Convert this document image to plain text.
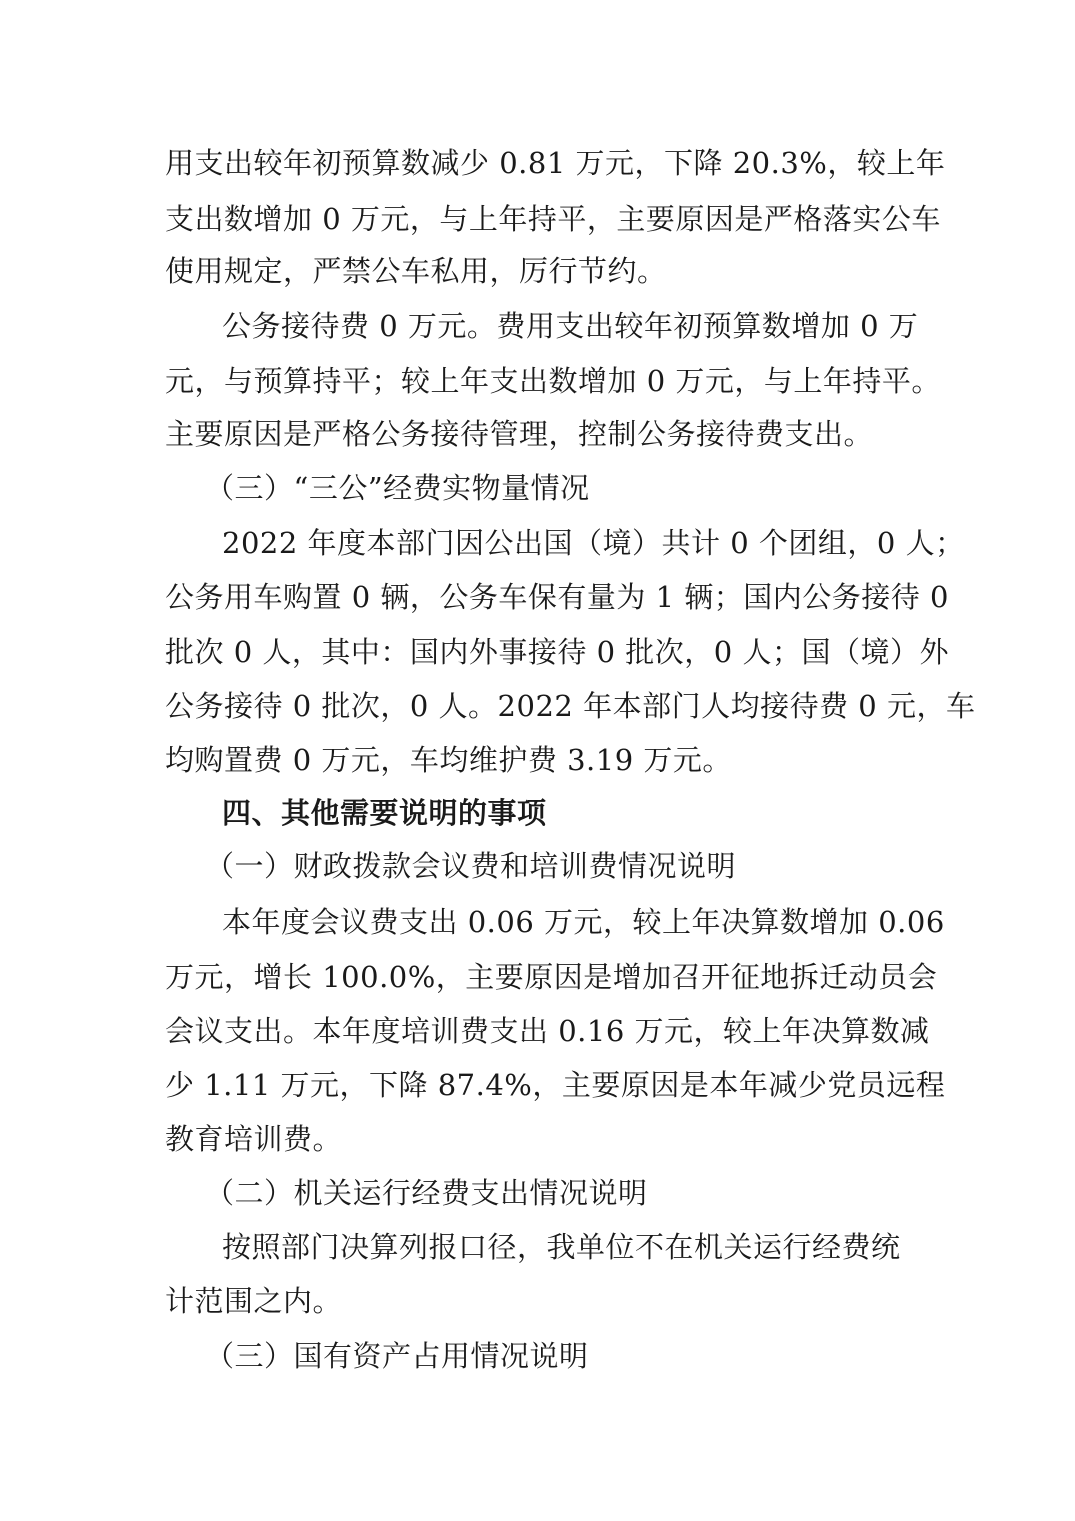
用支出较年初预算数减少 0.81 万元，下降 20.3%，较上年
支出数增加 0 万元，与上年持平，主要原因是严格落实公车
使用规定，严禁公车私用，厉行节约。
公务接待费 0 万元。费用支出较年初预算数增加 0 万
元，与预算持平；较上年支出数增加 0 万元，与上年持平。
主要原因是严格公务接待管理，控制公务接待费支出。
（三）“三公”经费实物量情况
2022 年度本部门因公出国（境）共计 0 个团组，0 人；
公务用车购置 0 辆，公务车保有量为 1 辆；国内公务接待 0
批次 0 人，其中：国内外事接待 0 批次，0 人；国（境）外
公务接待 0 批次，0 人。2022 年本部门人均接待费 0 元，车
均购置费 0 万元，车均维护费 3.19 万元。
四、其他需要说明的事项
（一）财政拨款会议费和培训费情况说明
本年度会议费支出 0.06 万元，较上年决算数增加 0.06
万元，增长 100.0%，主要原因是增加召开征地拆迁动员会
会议支出。本年度培训费支出 0.16 万元，较上年决算数减
少 1.11 万元，下降 87.4%，主要原因是本年减少党员远程
教育培训费。
（二）机关运行经费支出情况说明
按照部门决算列报口径，我单位不在机关运行经费统
计范围之内。
（三）国有资产占用情况说明
